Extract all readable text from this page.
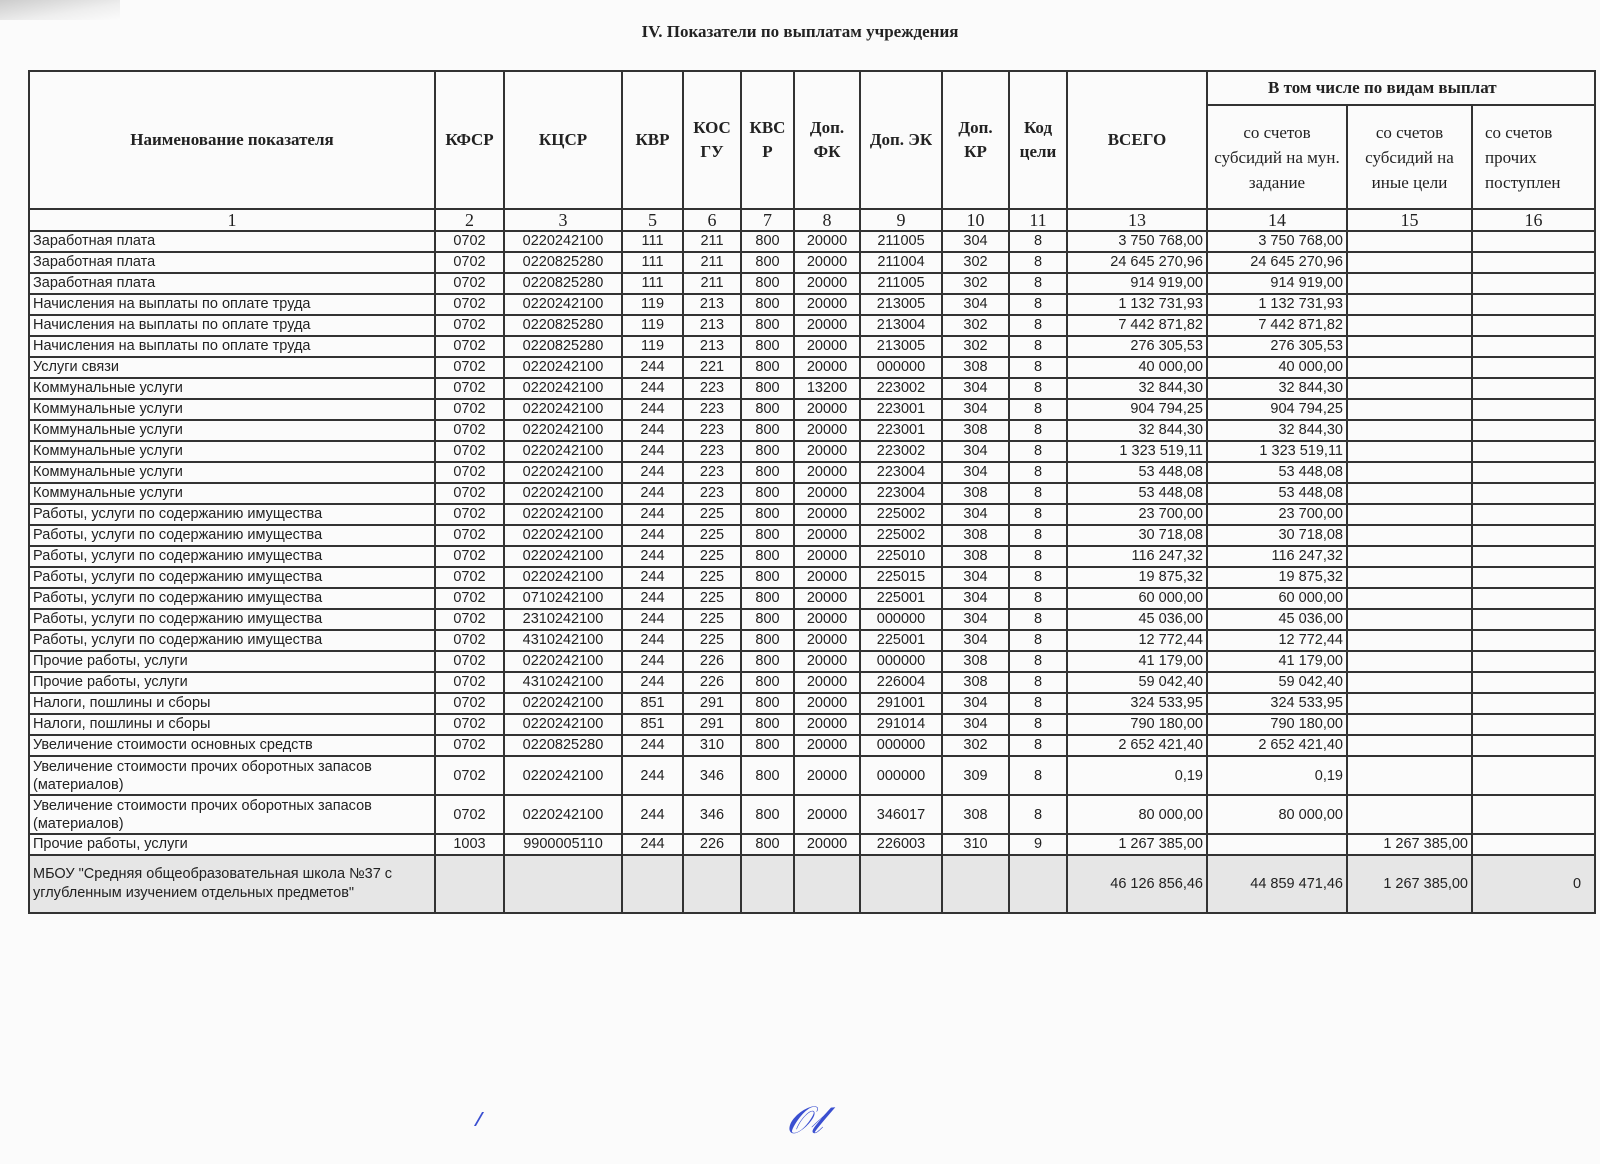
IV. Показатели по выплатам учреждения
Наименование показателя	КФСР	КЦСР	КВР	КОС ГУ	КВС Р	Доп. ФК	Доп. ЭК	Доп. КР	Код цели	ВСЕГО	В том числе по видам выплат		
											со счетов субсидий на мун. задание	со счетов субсидий на иные цели	со счетов прочих поступлен
1	2	3	5	6	7	8	9	10	11	13	14	15	16
Заработная плата	0702	0220242100	111	211	800	20000	211005	304	8	3 750 768,00	3 750 768,00		
Заработная плата	0702	0220825280	111	211	800	20000	211004	302	8	24 645 270,96	24 645 270,96		
Заработная плата	0702	0220825280	111	211	800	20000	211005	302	8	914 919,00	914 919,00		
Начисления на выплаты по оплате труда	0702	0220242100	119	213	800	20000	213005	304	8	1 132 731,93	1 132 731,93		
Начисления на выплаты по оплате труда	0702	0220825280	119	213	800	20000	213004	302	8	7 442 871,82	7 442 871,82		
Начисления на выплаты по оплате труда	0702	0220825280	119	213	800	20000	213005	302	8	276 305,53	276 305,53		
Услуги связи	0702	0220242100	244	221	800	20000	000000	308	8	40 000,00	40 000,00		
Коммунальные услуги	0702	0220242100	244	223	800	13200	223002	304	8	32 844,30	32 844,30		
Коммунальные услуги	0702	0220242100	244	223	800	20000	223001	304	8	904 794,25	904 794,25		
Коммунальные услуги	0702	0220242100	244	223	800	20000	223001	308	8	32 844,30	32 844,30		
Коммунальные услуги	0702	0220242100	244	223	800	20000	223002	304	8	1 323 519,11	1 323 519,11		
Коммунальные услуги	0702	0220242100	244	223	800	20000	223004	304	8	53 448,08	53 448,08		
Коммунальные услуги	0702	0220242100	244	223	800	20000	223004	308	8	53 448,08	53 448,08		
Работы, услуги по содержанию имущества	0702	0220242100	244	225	800	20000	225002	304	8	23 700,00	23 700,00		
Работы, услуги по содержанию имущества	0702	0220242100	244	225	800	20000	225002	308	8	30 718,08	30 718,08		
Работы, услуги по содержанию имущества	0702	0220242100	244	225	800	20000	225010	308	8	116 247,32	116 247,32		
Работы, услуги по содержанию имущества	0702	0220242100	244	225	800	20000	225015	304	8	19 875,32	19 875,32		
Работы, услуги по содержанию имущества	0702	0710242100	244	225	800	20000	225001	304	8	60 000,00	60 000,00		
Работы, услуги по содержанию имущества	0702	2310242100	244	225	800	20000	000000	304	8	45 036,00	45 036,00		
Работы, услуги по содержанию имущества	0702	4310242100	244	225	800	20000	225001	304	8	12 772,44	12 772,44		
Прочие работы, услуги	0702	0220242100	244	226	800	20000	000000	308	8	41 179,00	41 179,00		
Прочие работы, услуги	0702	4310242100	244	226	800	20000	226004	308	8	59 042,40	59 042,40		
Налоги, пошлины и сборы	0702	0220242100	851	291	800	20000	291001	304	8	324 533,95	324 533,95		
Налоги, пошлины и сборы	0702	0220242100	851	291	800	20000	291014	304	8	790 180,00	790 180,00		
Увеличение стоимости основных средств	0702	0220825280	244	310	800	20000	000000	302	8	2 652 421,40	2 652 421,40		
Увеличение стоимости прочих оборотных запасов (материалов)	0702	0220242100	244	346	800	20000	000000	309	8	0,19	0,19		
Увеличение стоимости прочих оборотных запасов (материалов)	0702	0220242100	244	346	800	20000	346017	308	8	80 000,00	80 000,00		
Прочие работы, услуги	1003	9900005110	244	226	800	20000	226003	310	9	1 267 385,00		1 267 385,00	
МБОУ "Средняя общеобразовательная школа №37 с углубленным изучением отдельных предметов"										46 126 856,46	44 859 471,46	1 267 385,00	0
𝒪𝓁
